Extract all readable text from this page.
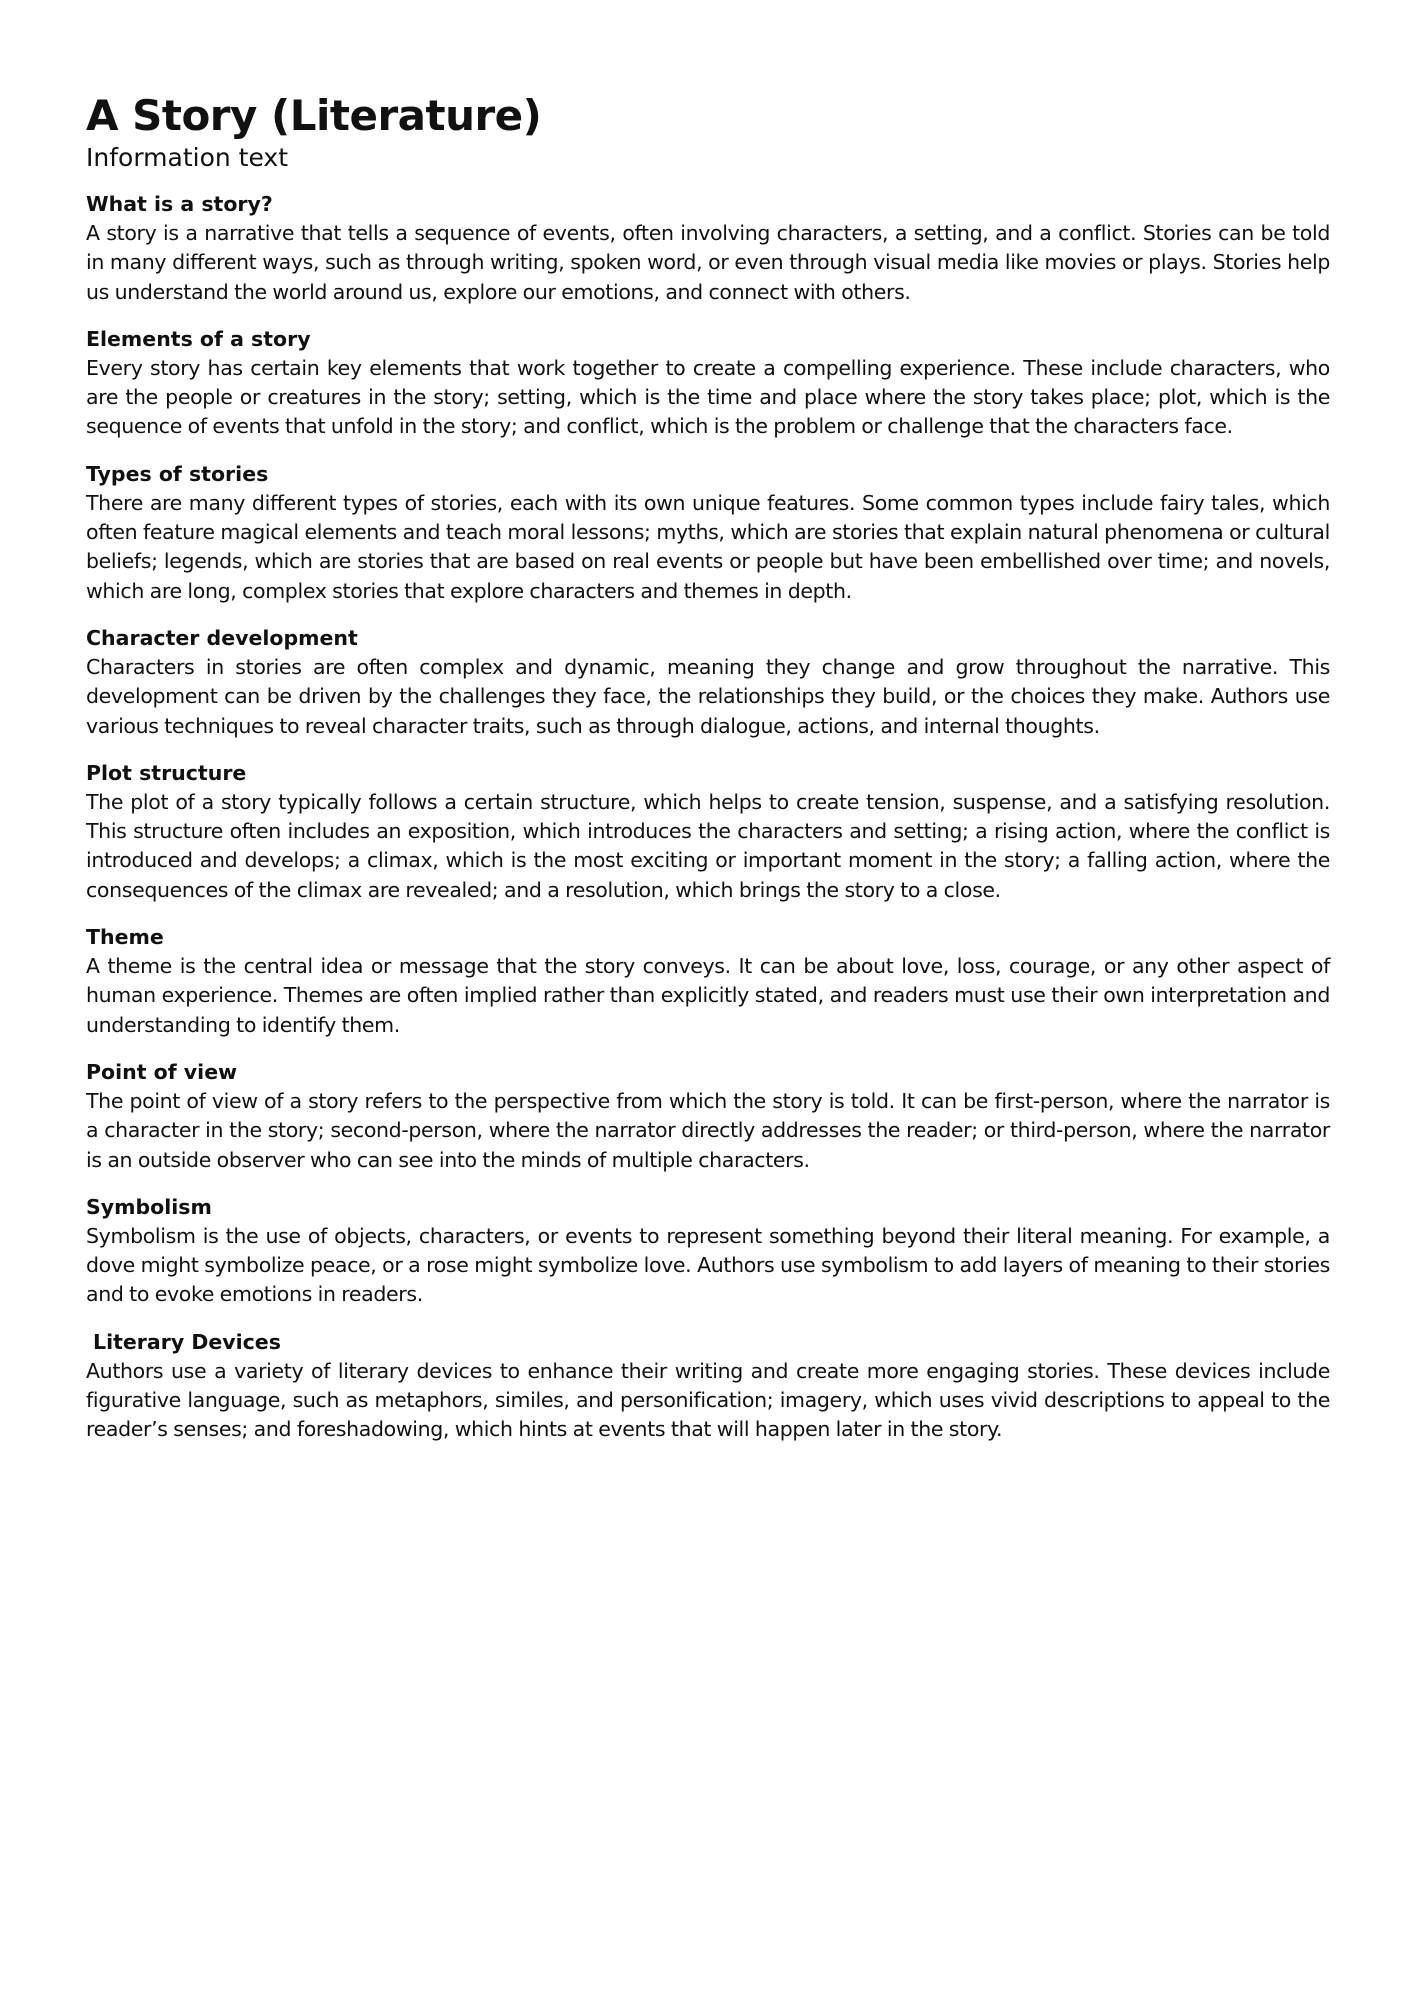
A Story (Literature)

Information text

What is a story?

A story is a narrative that tells a sequence of events, often involving characters, a setting, and a conflict. Stories can be told in many different ways, such as through writing, spoken word, or even through visual media like movies or plays. Stories help us understand the world around us, explore our emotions, and connect with others.

Elements of a story

Every story has certain key elements that work together to create a compelling experience. These include characters, who are the people or creatures in the story; setting, which is the time and place where the story takes place; plot, which is the sequence of events that unfold in the story; and conflict, which is the problem or challenge that the characters face.

Types of stories

There are many different types of stories, each with its own unique features. Some common types include fairy tales, which often feature magical elements and teach moral lessons; myths, which are stories that explain natural phenomena or cultural beliefs; legends, which are stories that are based on real events or people but have been embellished over time; and novels, which are long, complex stories that explore characters and themes in depth.

Character development

Characters in stories are often complex and dynamic, meaning they change and grow throughout the narrative. This development can be driven by the challenges they face, the relationships they build, or the choices they make. Authors use various techniques to reveal character traits, such as through dialogue, actions, and internal thoughts.

Plot structure

The plot of a story typically follows a certain structure, which helps to create tension, suspense, and a satisfying resolution. This structure often includes an exposition, which introduces the characters and setting; a rising action, where the conflict is introduced and develops; a climax, which is the most exciting or important moment in the story; a falling action, where the consequences of the climax are revealed; and a resolution, which brings the story to a close.

Theme

A theme is the central idea or message that the story conveys. It can be about love, loss, courage, or any other aspect of human experience. Themes are often implied rather than explicitly stated, and readers must use their own interpretation and understanding to identify them.

Point of view

The point of view of a story refers to the perspective from which the story is told. It can be first-person, where the narrator is a character in the story; second-person, where the narrator directly addresses the reader; or third-person, where the narrator is an outside observer who can see into the minds of multiple characters.

Symbolism

Symbolism is the use of objects, characters, or events to represent something beyond their literal meaning. For example, a dove might symbolize peace, or a rose might symbolize love. Authors use symbolism to add layers of meaning to their stories and to evoke emotions in readers.

Literary Devices

Authors use a variety of literary devices to enhance their writing and create more engaging stories. These devices include figurative language, such as metaphors, similes, and personification; imagery, which uses vivid descriptions to appeal to the reader’s senses; and foreshadowing, which hints at events that will happen later in the story.
